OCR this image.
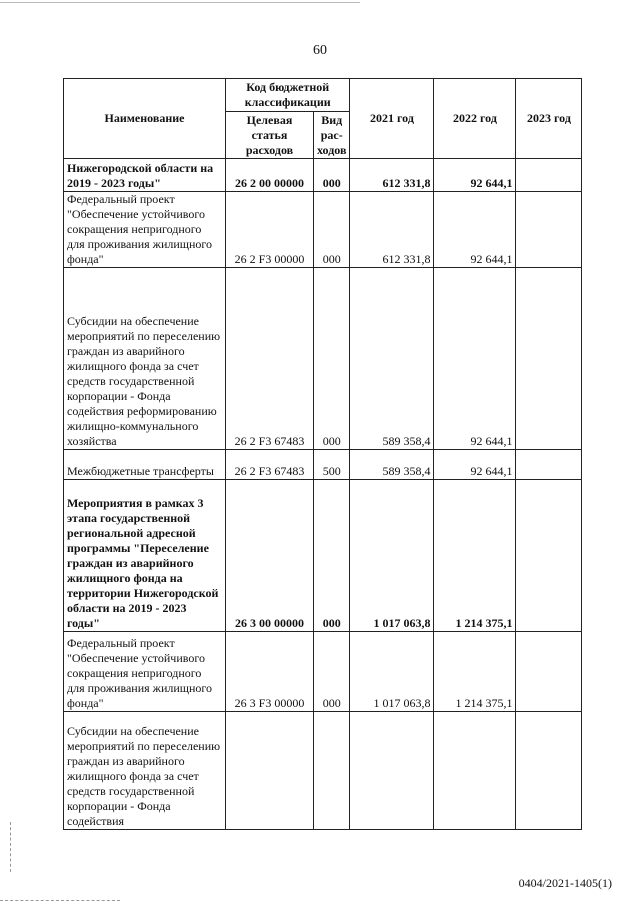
60
Наименование	Код бюджетной классификации		2021 год	2022 год	2023 год
	Целевая статья расходов	Вид рас-ходов			
Нижегородской области на 2019 - 2023 годы"	26 2 00 00000	000	612 331,8	92 644,1	
Федеральный проект "Обеспечение устойчивого сокращения непригодного для проживания жилищного фонда"	26 2 F3 00000	000	612 331,8	92 644,1	
Субсидии на обеспечение мероприятий по переселению граждан из аварийного жилищного фонда за счет средств государственной корпорации - Фонда содействия реформированию жилищно-коммунального хозяйства	26 2 F3 67483	000	589 358,4	92 644,1	
Межбюджетные трансферты	26 2 F3 67483	500	589 358,4	92 644,1	
Мероприятия в рамках 3 этапа государственной региональной адресной программы "Переселение граждан из аварийного жилищного фонда на территории Нижегородской области на 2019 - 2023 годы"	26 3 00 00000	000	1 017 063,8	1 214 375,1	
Федеральный проект "Обеспечение устойчивого сокращения непригодного для проживания жилищного фонда"	26 3 F3 00000	000	1 017 063,8	1 214 375,1	
Субсидии на обеспечение мероприятий по переселению граждан из аварийного жилищного фонда за счет средств государственной корпорации - Фонда содействия					
0404/2021-1405(1)
